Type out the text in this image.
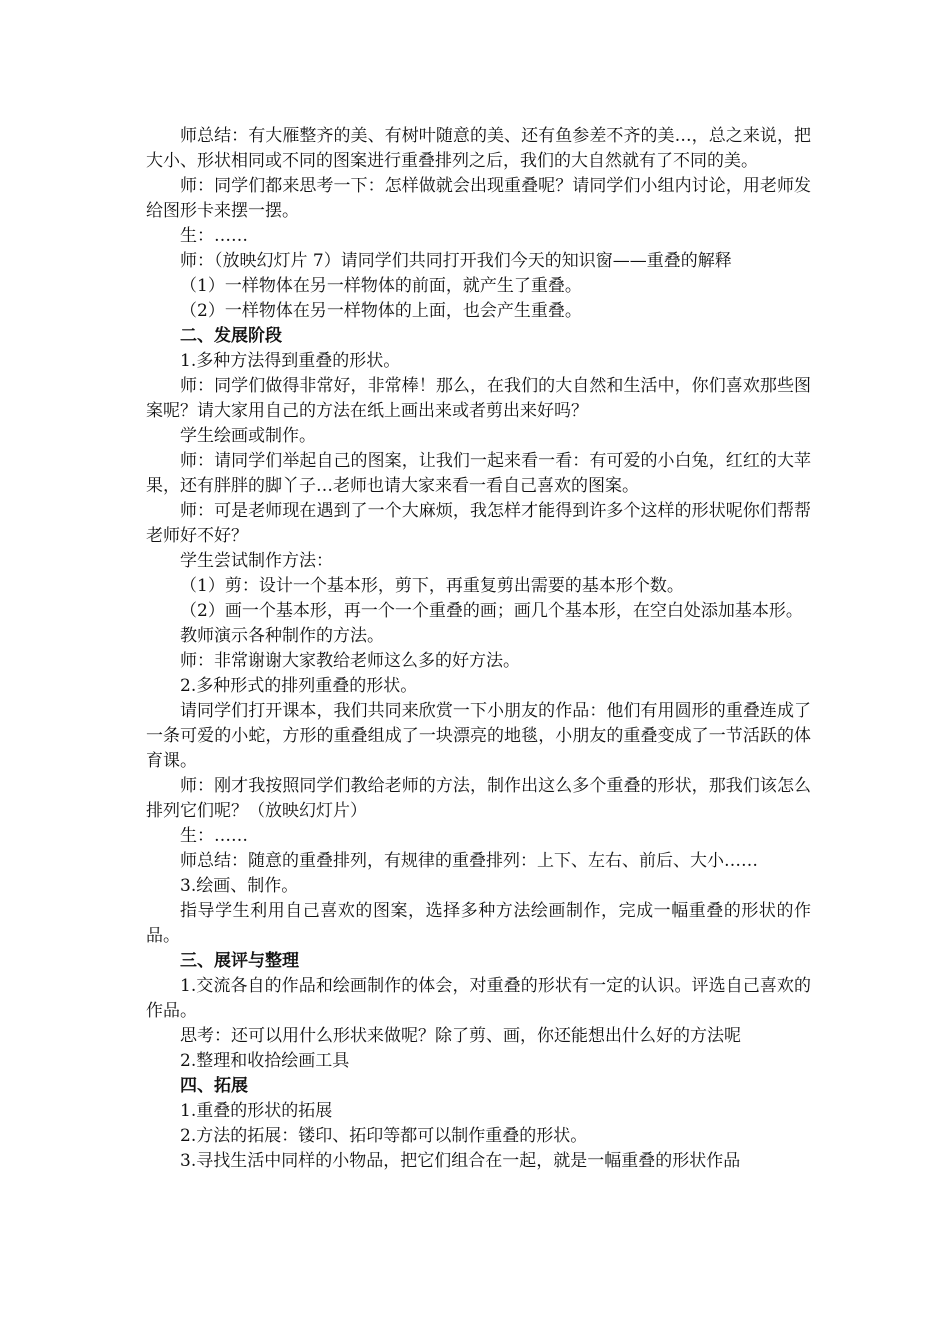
师总结：有大雁整齐的美、有树叶随意的美、还有鱼参差不齐的美…，总之来说，把大小、形状相同或不同的图案进行重叠排列之后，我们的大自然就有了不同的美。

师：同学们都来思考一下：怎样做就会出现重叠呢？请同学们小组内讨论，用老师发给图形卡来摆一摆。

生：……

师：（放映幻灯片 7）请同学们共同打开我们今天的知识窗——重叠的解释

（1）一样物体在另一样物体的前面，就产生了重叠。

（2）一样物体在另一样物体的上面，也会产生重叠。

二、发展阶段

1.多种方法得到重叠的形状。

师：同学们做得非常好，非常棒！那么，在我们的大自然和生活中，你们喜欢那些图案呢？请大家用自己的方法在纸上画出来或者剪出来好吗？

学生绘画或制作。

师：请同学们举起自己的图案，让我们一起来看一看：有可爱的小白兔，红红的大苹果，还有胖胖的脚丫子…老师也请大家来看一看自己喜欢的图案。

师：可是老师现在遇到了一个大麻烦，我怎样才能得到许多个这样的形状呢你们帮帮老师好不好？

学生尝试制作方法：

（1）剪：设计一个基本形，剪下，再重复剪出需要的基本形个数。

（2）画一个基本形，再一个一个重叠的画；画几个基本形，在空白处添加基本形。

教师演示各种制作的方法。

师：非常谢谢大家教给老师这么多的好方法。

2.多种形式的排列重叠的形状。

请同学们打开课本，我们共同来欣赏一下小朋友的作品：他们有用圆形的重叠连成了一条可爱的小蛇，方形的重叠组成了一块漂亮的地毯，小朋友的重叠变成了一节活跃的体育课。

师：刚才我按照同学们教给老师的方法，制作出这么多个重叠的形状，那我们该怎么排列它们呢？（放映幻灯片）

生：……

师总结：随意的重叠排列，有规律的重叠排列：上下、左右、前后、大小……

3.绘画、制作。

指导学生利用自己喜欢的图案，选择多种方法绘画制作，完成一幅重叠的形状的作品。

三、展评与整理

1.交流各自的作品和绘画制作的体会，对重叠的形状有一定的认识。评选自己喜欢的作品。

思考：还可以用什么形状来做呢？除了剪、画，你还能想出什么好的方法呢

2.整理和收拾绘画工具

四、拓展

1.重叠的形状的拓展

2.方法的拓展：镂印、拓印等都可以制作重叠的形状。

3.寻找生活中同样的小物品，把它们组合在一起，就是一幅重叠的形状作品
